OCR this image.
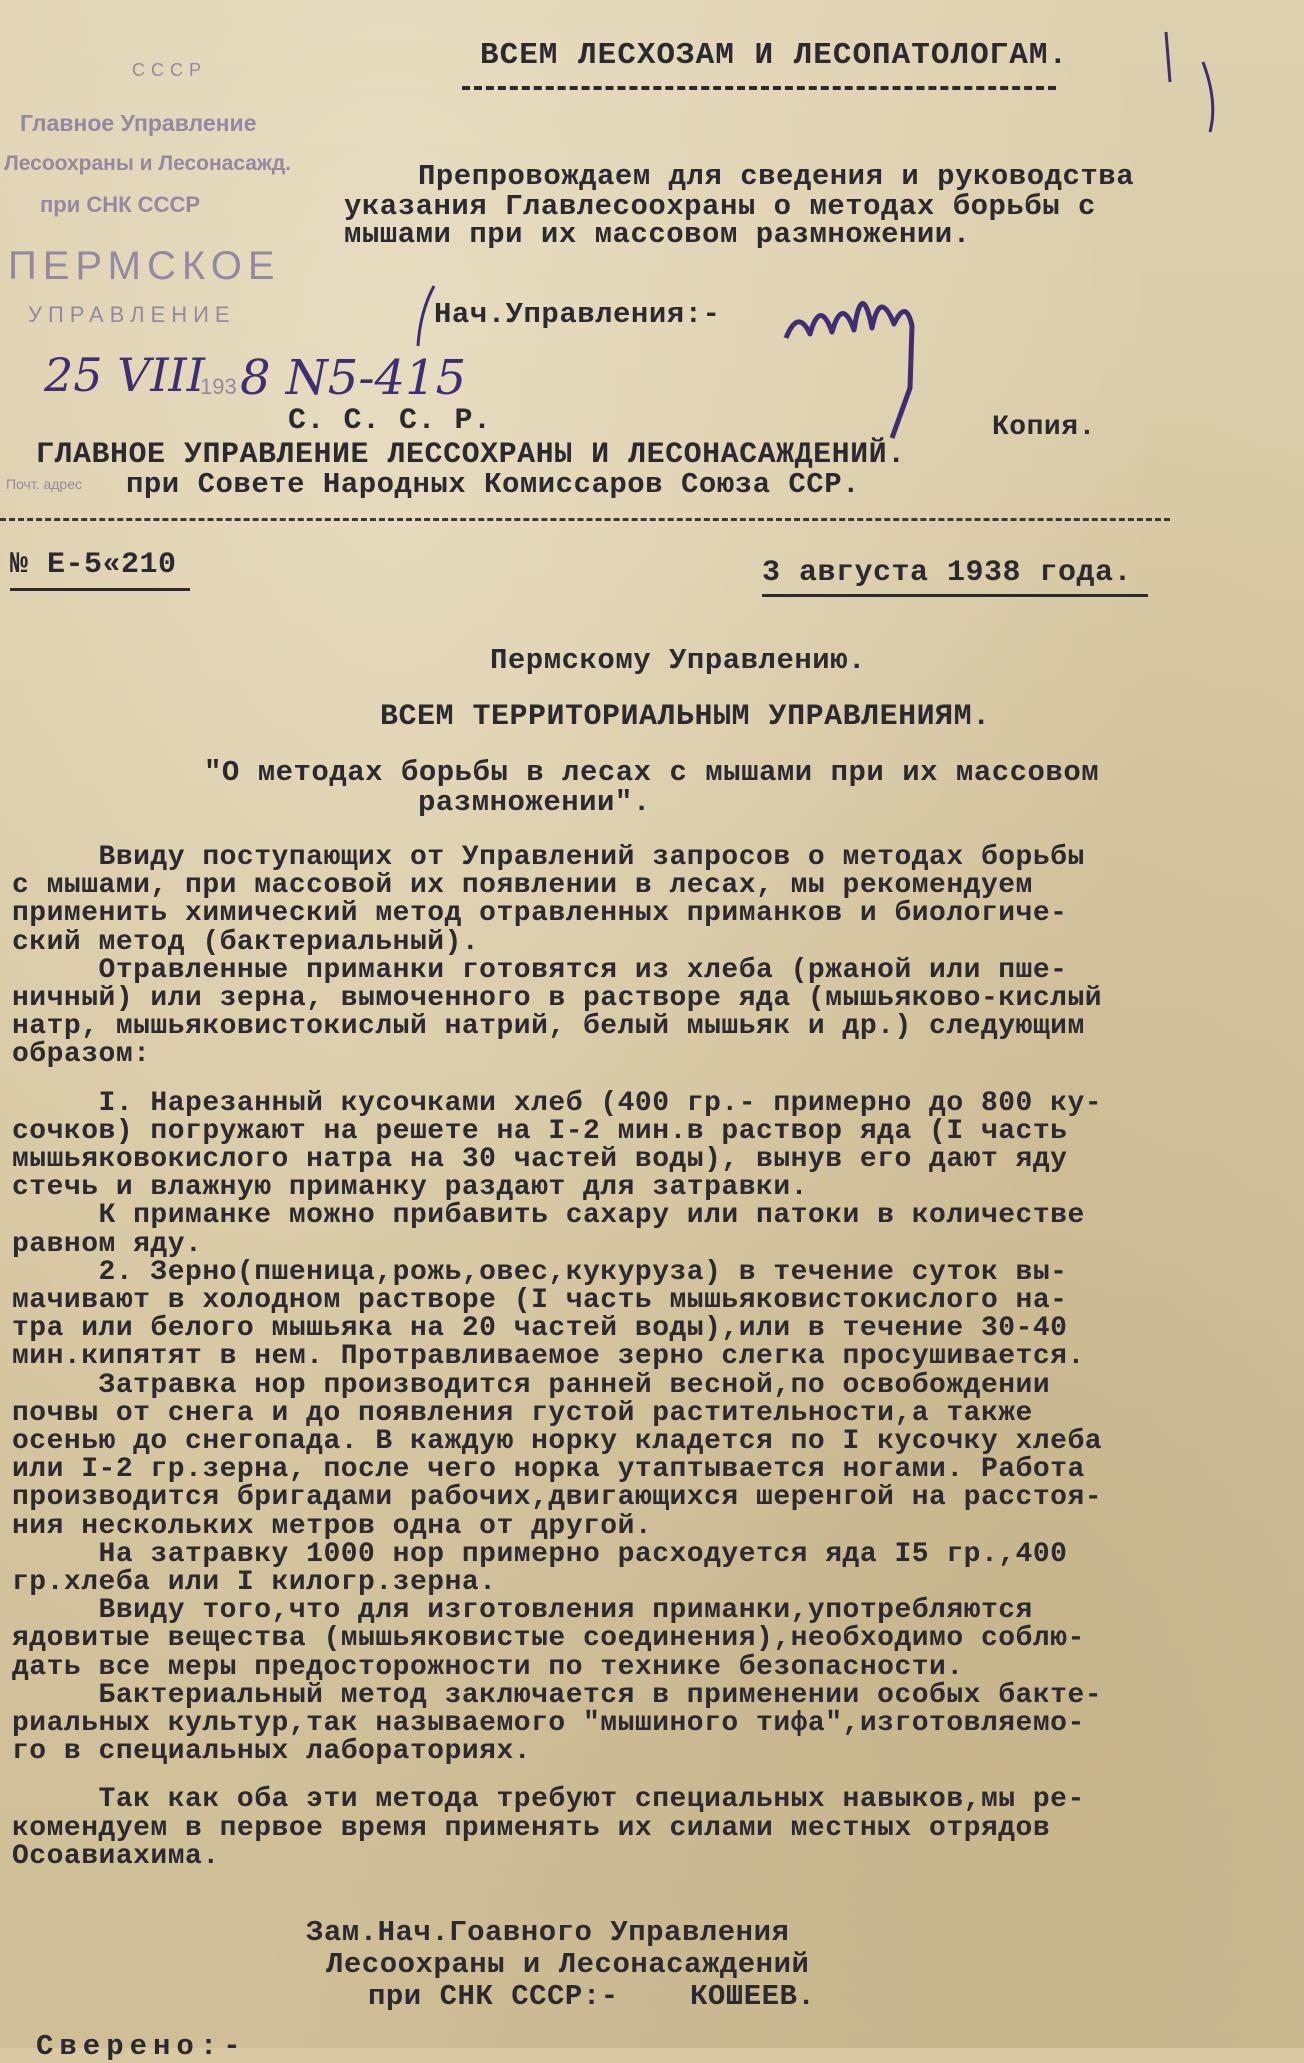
ВСЕМ ЛЕСХОЗАМ И ЛЕСОПАТОЛОГАМ.
СССР
Главное Управление
Лесоохраны и Лесонасажд.
при СНК СССР
ПЕРМСКОЕ
УПРАВЛЕНИЕ
193
25 VIII 8 N5-415
Почт. адрес
Препровождаем для сведения и руководства
указания Главлесоохраны о методах борьбы с
мышами при их массовом размножении.
Нач.Управления:-
С. С. С. Р.	Копия.
ГЛАВНОЕ УПРАВЛЕНИЕ ЛЕССОХРАНЫ И ЛЕСОНАСАЖДЕНИЙ.
при Совете Народных Комиссаров Союза ССР.
№ Е-5«210	3 августа 1938 года.
Пермскому Управлению.
ВСЕМ ТЕРРИТОРИАЛЬНЫМ УПРАВЛЕНИЯМ.
"О методах борьбы в лесах с мышами при их массовом
размножении".
Ввиду поступающих от Управлений запросов о методах борьбы
с мышами, при массовой их появлении в лесах, мы рекомендуем
применить химический метод отравленных приманков и биологиче-
ский метод (бактериальный).
Отравленные приманки готовятся из хлеба (ржаной или пше-
ничный) или зерна, вымоченного в растворе яда (мышьяково-кислый
натр, мышьяковистокислый натрий, белый мышьяк и др.) следующим
образом:
I. Нарезанный кусочками хлеб (400 гр.- примерно до 800 ку-
сочков) погружают на решете на I-2 мин.в раствор яда (I часть
мышьяковокислого натра на 30 частей воды), вынув его дают яду
стечь и влажную приманку раздают для затравки.
К приманке можно прибавить сахару или патоки в количестве
равном яду.
2. Зерно(пшеница,рожь,овес,кукуруза) в течение суток вы-
мачивают в холодном растворе (I часть мышьяковистокислого на-
тра или белого мышьяка на 20 частей воды),или в течение 30-40
мин.кипятят в нем. Протравливаемое зерно слегка просушивается.
Затравка нор производится ранней весной,по освобождении
почвы от снега и до появления густой растительности,а также
осенью до снегопада. В каждую норку кладется по I кусочку хлеба
или I-2 гр.зерна, после чего норка утаптывается ногами. Работа
производится бригадами рабочих,двигающихся шеренгой на расстоя-
ния нескольких метров одна от другой.
На затравку 1000 нор примерно расходуется яда I5 гр.,400
гр.хлеба или I килогр.зерна.
Ввиду того,что для изготовления приманки,употребляются
ядовитые вещества (мышьяковистые соединения),необходимо соблю-
дать все меры предосторожности по технике безопасности.
Бактериальный метод заключается в применении особых бакте-
риальных культур,так называемого "мышиного тифа",изготовляемо-
го в специальных лабораториях.
Так как оба эти метода требуют специальных навыков,мы ре-
комендуем в первое время применять их силами местных отрядов
Осоавиахима.
Зам.Нач.Гоавного Управления
Лесоохраны и Лесонасаждений
при СНК СССР:- КОШЕЕВ.
Сверено:-
